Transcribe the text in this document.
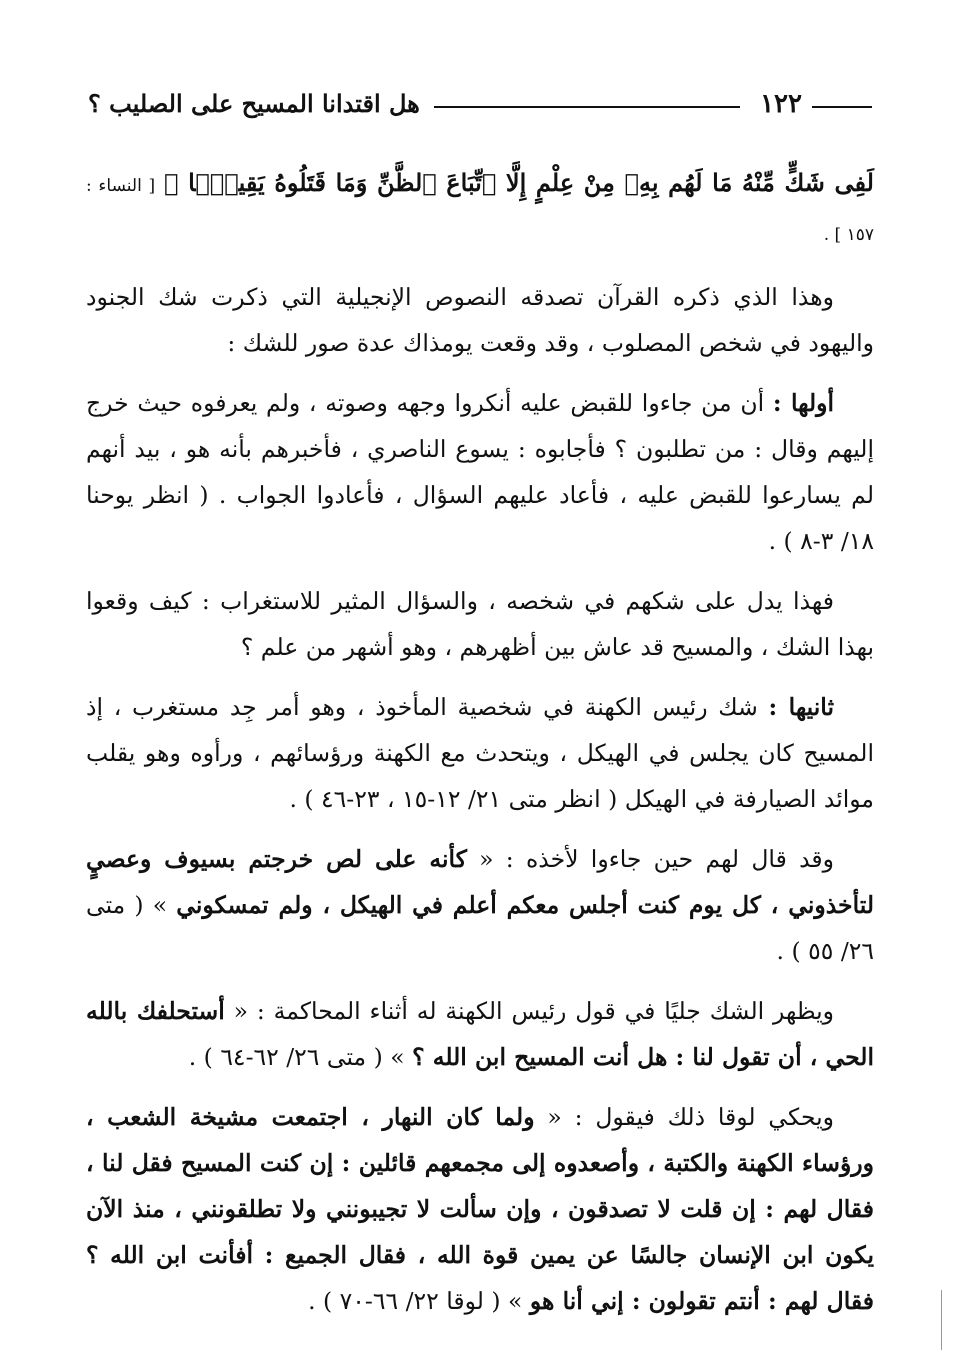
١٢٢
هل اقتدانا المسيح على الصليب ؟

لَفِى شَكٍّ مِّنْهُ مَا لَهُم بِهِۦ مِنْ عِلْمٍ إِلَّا ٱتِّبَاعَ ٱلظَّنِّ وَمَا قَتَلُوهُ يَقِينًۢا ﴾ [ النساء : ١٥٧ ] .

وهذا الذي ذكره القرآن تصدقه النصوص الإنجيلية التي ذكرت شك الجنود واليهود في شخص المصلوب ، وقد وقعت يومذاك عدة صور للشك :

أولها : أن من جاءوا للقبض عليه أنكروا وجهه وصوته ، ولم يعرفوه حيث خرج إليهم وقال : من تطلبون ؟ فأجابوه : يسوع الناصري ، فأخبرهم بأنه هو ، بيد أنهم لم يسارعوا للقبض عليه ، فأعاد عليهم السؤال ، فأعادوا الجواب . ( انظر يوحنا ١٨/ ٣-٨ ) .

فهذا يدل على شكهم في شخصه ، والسؤال المثير للاستغراب : كيف وقعوا بهذا الشك ، والمسيح قد عاش بين أظهرهم ، وهو أشهر من علم ؟

ثانيها : شك رئيس الكهنة في شخصية المأخوذ ، وهو أمر جِد مستغرب ، إذ المسيح كان يجلس في الهيكل ، ويتحدث مع الكهنة ورؤسائهم ، ورأوه وهو يقلب موائد الصيارفة في الهيكل ( انظر متى ٢١/ ١٢-١٥ ، ٢٣-٤٦ ) .

وقد قال لهم حين جاءوا لأخذه : « كأنه على لص خرجتم بسيوف وعصيٍ لتأخذوني ، كل يوم كنت أجلس معكم أعلم في الهيكل ، ولم تمسكوني » ( متى ٢٦/ ٥٥ ) .

ويظهر الشك جليًا في قول رئيس الكهنة له أثناء المحاكمة : « أستحلفك بالله الحي ، أن تقول لنا : هل أنت المسيح ابن الله ؟ » ( متى ٢٦/ ٦٢-٦٤ ) .

ويحكي لوقا ذلك فيقول : « ولما كان النهار ، اجتمعت مشيخة الشعب ، ورؤساء الكهنة والكتبة ، وأصعدوه إلى مجمعهم قائلين : إن كنت المسيح فقل لنا ، فقال لهم : إن قلت لا تصدقون ، وإن سألت لا تجيبونني ولا تطلقونني ، منذ الآن يكون ابن الإنسان جالسًا عن يمين قوة الله ، فقال الجميع : أفأنت ابن الله ؟ فقال لهم : أنتم تقولون : إني أنا هو » ( لوقا ٢٢/ ٦٦-٧٠ ) .
